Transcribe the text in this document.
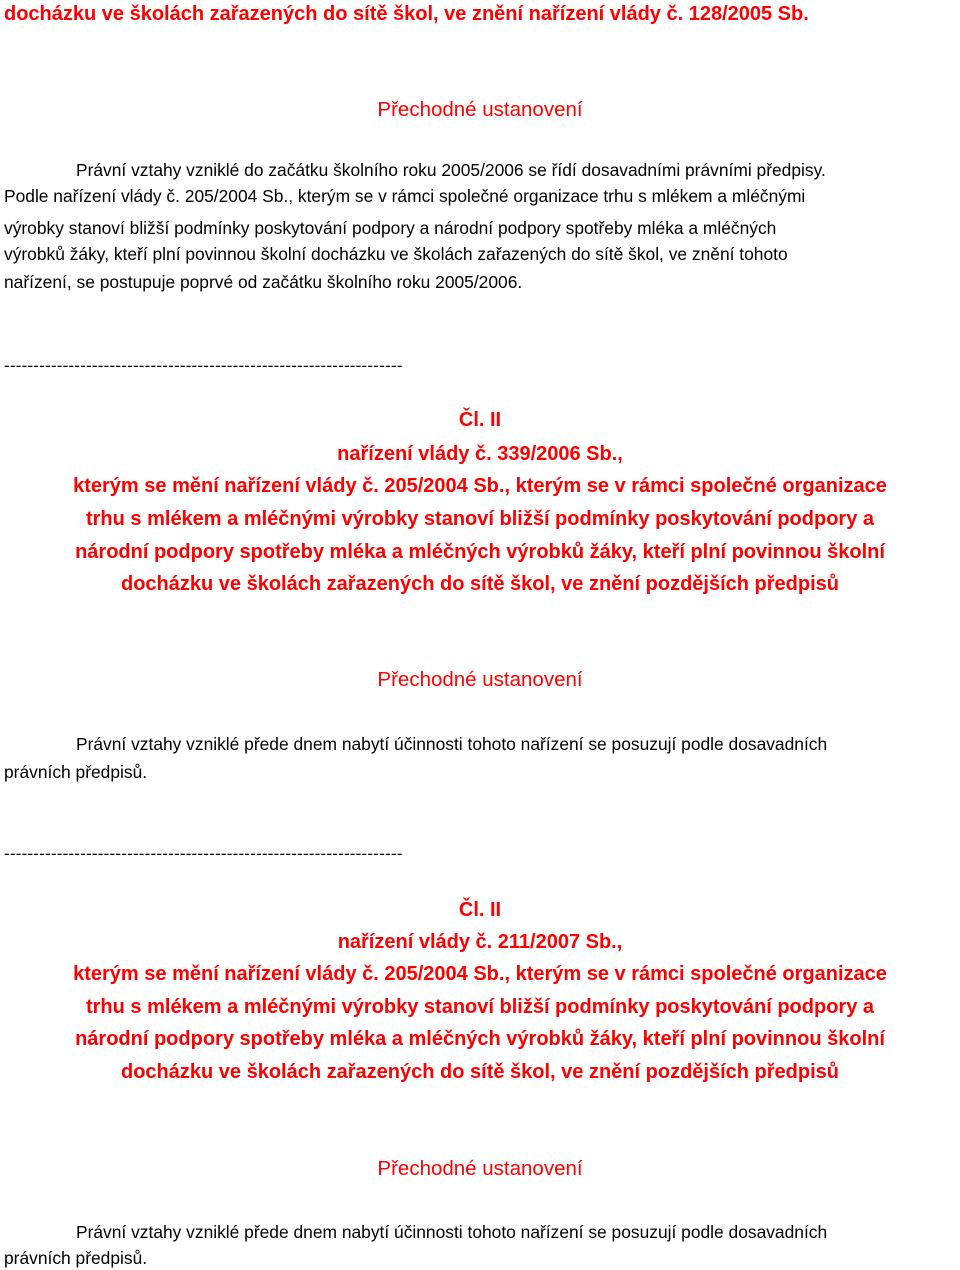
docházku ve školách zařazených do sítě škol, ve znění nařízení vlády č. 128/2005 Sb.
Přechodné ustanovení
Právní vztahy vzniklé do začátku školního roku 2005/2006 se řídí dosavadními právními předpisy.
Podle nařízení vlády č. 205/2004 Sb., kterým se v rámci společné organizace trhu s mlékem a mléčnými
výrobky stanoví bližší podmínky poskytování podpory a národní podpory spotřeby mléka a mléčných
výrobků žáky, kteří plní povinnou školní docházku ve školách zařazených do sítě škol, ve znění tohoto
nařízení, se postupuje poprvé od začátku školního roku 2005/2006.
--------------------------------------------------------------------
Čl. II
nařízení vlády č. 339/2006 Sb.,
kterým se mění nařízení vlády č. 205/2004 Sb., kterým se v rámci společné organizace
trhu s mlékem a mléčnými výrobky stanoví bližší podmínky poskytování podpory a
národní podpory spotřeby mléka a mléčných výrobků žáky, kteří plní povinnou školní
docházku ve školách zařazených do sítě škol, ve znění pozdějších předpisů
Přechodné ustanovení
Právní vztahy vzniklé přede dnem nabytí účinnosti tohoto nařízení se posuzují podle dosavadních
právních předpisů.
--------------------------------------------------------------------
Čl. II
nařízení vlády č. 211/2007 Sb.,
kterým se mění nařízení vlády č. 205/2004 Sb., kterým se v rámci společné organizace
trhu s mlékem a mléčnými výrobky stanoví bližší podmínky poskytování podpory a
národní podpory spotřeby mléka a mléčných výrobků žáky, kteří plní povinnou školní
docházku ve školách zařazených do sítě škol, ve znění pozdějších předpisů
Přechodné ustanovení
Právní vztahy vzniklé přede dnem nabytí účinnosti tohoto nařízení se posuzují podle dosavadních
právních předpisů.
